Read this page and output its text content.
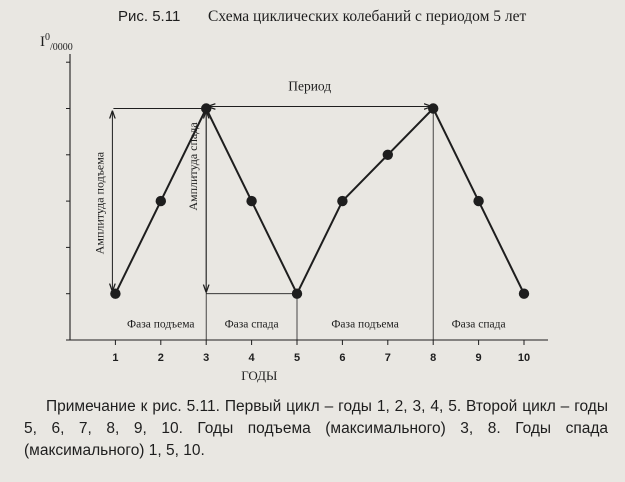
Рис. 5.11 Схема циклических колебаний с периодом 5 лет
$I^0_{/0000}$
1	2	3	4	5	6	7	8	9	10
ГОДЫ
Период
Амплитуда подъема	Амплитуда спада
Фаза подъема	Фаза спада	Фаза подъема	Фаза спада

Примечание к рис. 5.11. Первый цикл – годы 1, 2, 3, 4, 5. Второй цикл – годы 5, 6, 7, 8, 9, 10. Годы подъема (максимального) 3, 8. Годы спада (максимального) 1, 5, 10.
